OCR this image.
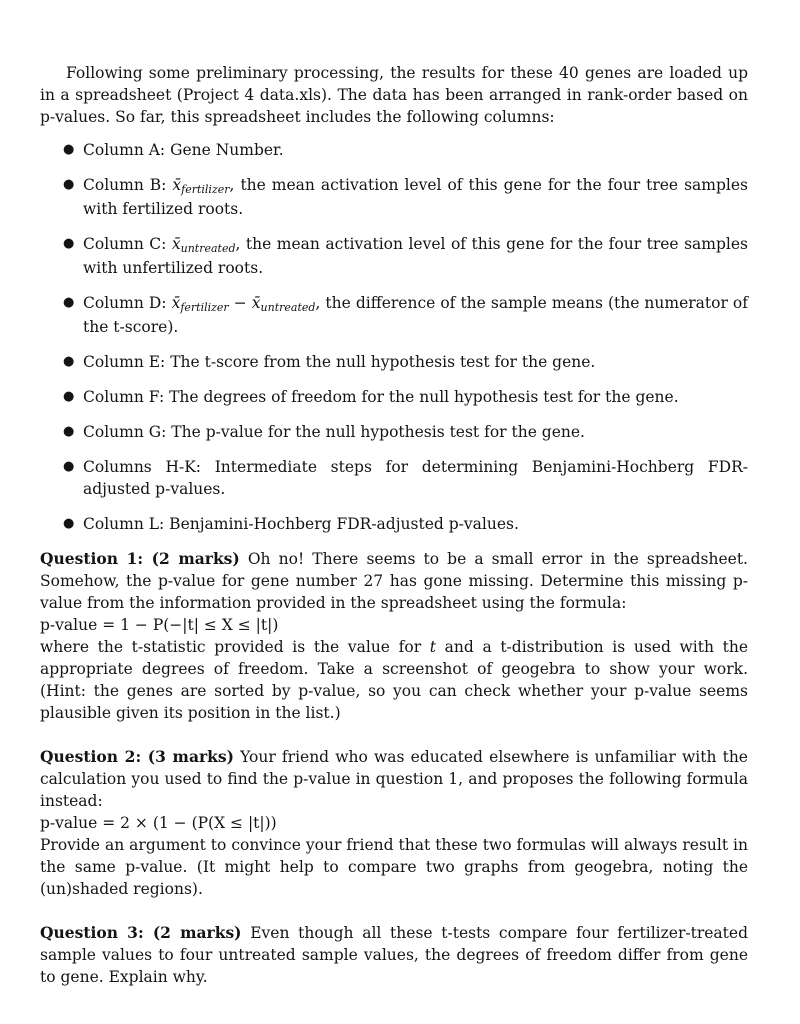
Following some preliminary processing, the results for these 40 genes are loaded up in a spreadsheet (Project 4 data.xls). The data has been arranged in rank-order based on p-values. So far, this spreadsheet includes the following columns:

● Column A: Gene Number.
● Column B: x̄fertilizer, the mean activation level of this gene for the four tree samples with fertilized roots.
● Column C: x̄untreated, the mean activation level of this gene for the four tree samples with unfertilized roots.
● Column D: x̄fertilizer − x̄untreated, the difference of the sample means (the numerator of the t-score).
● Column E: The t-score from the null hypothesis test for the gene.
● Column F: The degrees of freedom for the null hypothesis test for the gene.
● Column G: The p-value for the null hypothesis test for the gene.
● Columns H-K: Intermediate steps for determining Benjamini-Hochberg FDR-adjusted p-values.
● Column L: Benjamini-Hochberg FDR-adjusted p-values.

Question 1: (2 marks) Oh no! There seems to be a small error in the spreadsheet. Somehow, the p-value for gene number 27 has gone missing. Determine this missing p-value from the information provided in the spreadsheet using the formula:

p-value = 1 − P(−|t| ≤ X ≤ |t|)

where the t-statistic provided is the value for t and a t-distribution is used with the appropriate degrees of freedom. Take a screenshot of geogebra to show your work. (Hint: the genes are sorted by p-value, so you can check whether your p-value seems plausible given its position in the list.)

Question 2: (3 marks) Your friend who was educated elsewhere is unfamiliar with the calculation you used to find the p-value in question 1, and proposes the following formula instead:

p-value = 2 × (1 − (P(X ≤ |t|))

Provide an argument to convince your friend that these two formulas will always result in the same p-value. (It might help to compare two graphs from geogebra, noting the (un)shaded regions).

Question 3: (2 marks) Even though all these t-tests compare four fertilizer-treated sample values to four untreated sample values, the degrees of freedom differ from gene to gene. Explain why.
